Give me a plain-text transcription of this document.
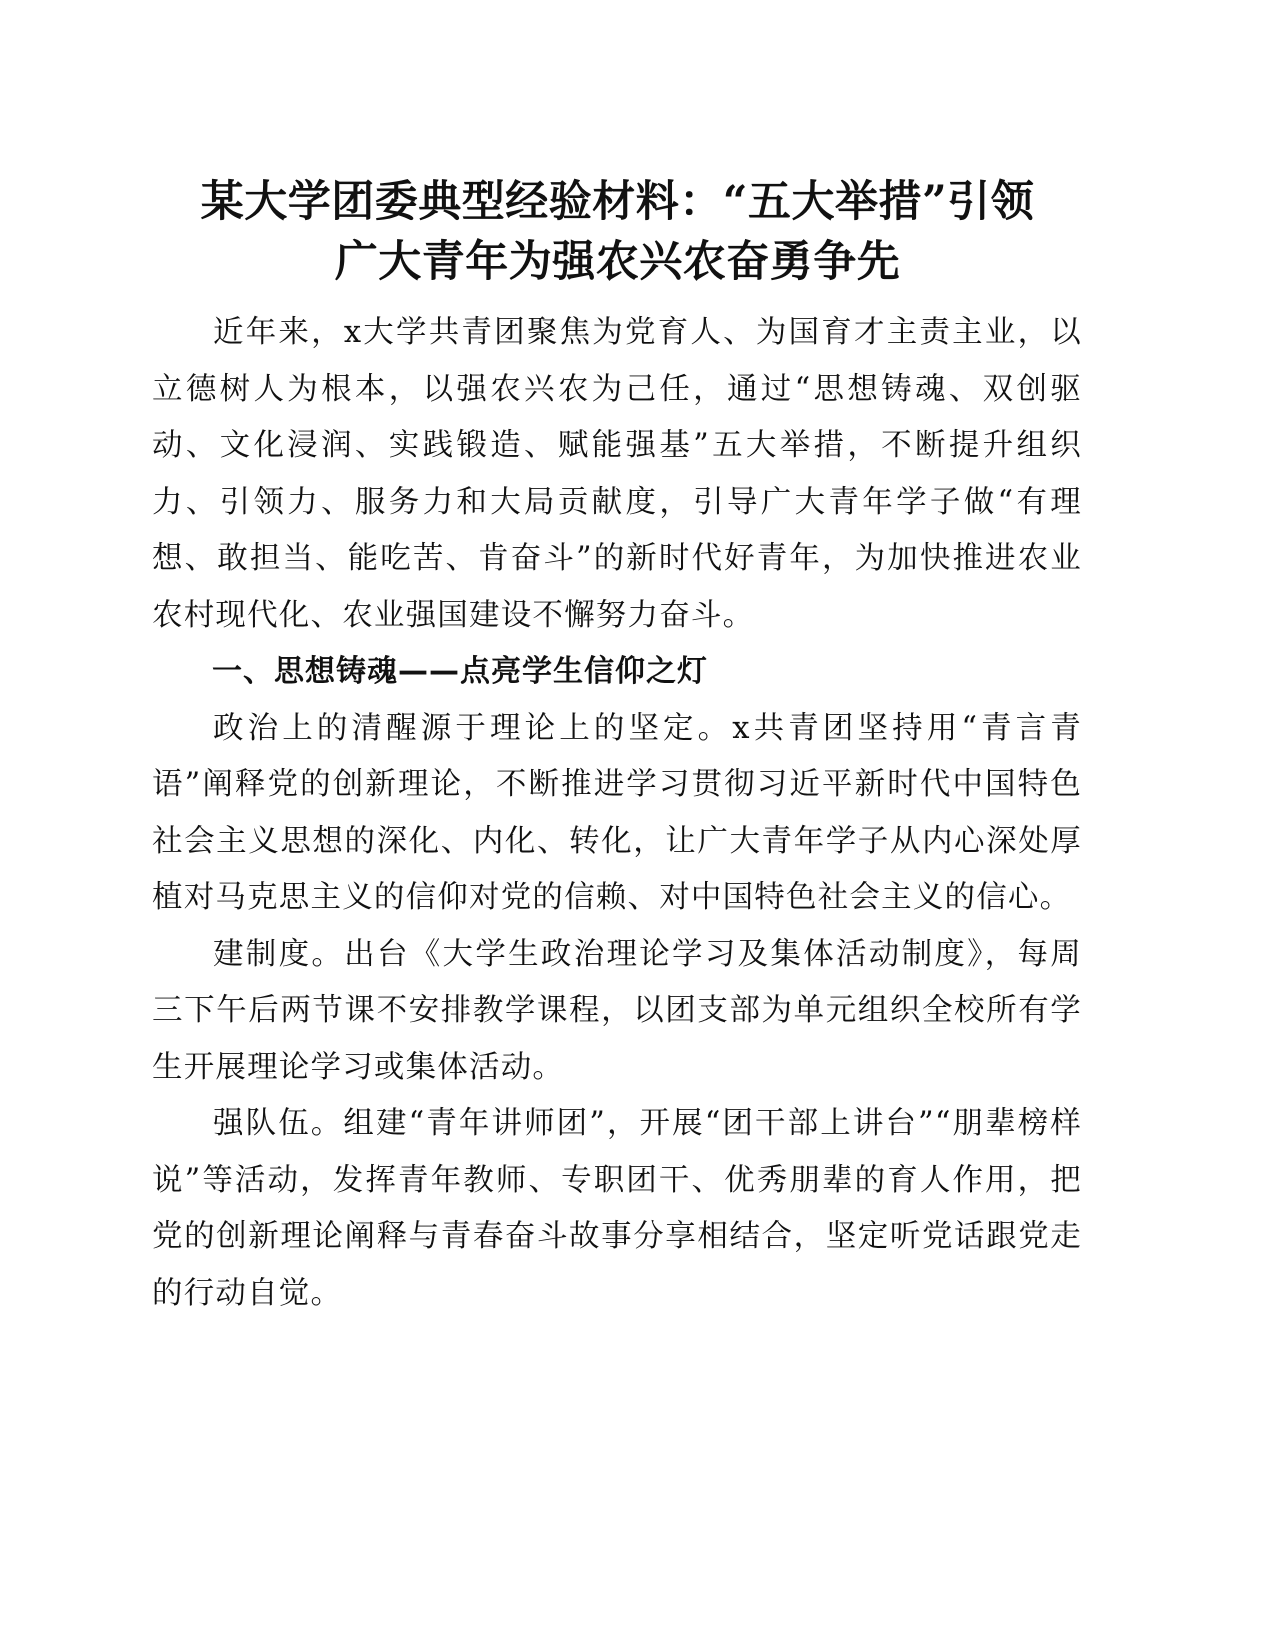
某大学团委典型经验材料：“五大举措”引领
广大青年为强农兴农奋勇争先

近年来，x大学共青团聚焦为党育人、为国育才主责主业，以立德树人为根本，以强农兴农为己任，通过“思想铸魂、双创驱动、文化浸润、实践锻造、赋能强基”五大举措，不断提升组织力、引领力、服务力和大局贡献度，引导广大青年学子做“有理想、敢担当、能吃苦、肯奋斗”的新时代好青年，为加快推进农业农村现代化、农业强国建设不懈努力奋斗。

一、思想铸魂——点亮学生信仰之灯

政治上的清醒源于理论上的坚定。x共青团坚持用“青言青语”阐释党的创新理论，不断推进学习贯彻习近平新时代中国特色社会主义思想的深化、内化、转化，让广大青年学子从内心深处厚植对马克思主义的信仰对党的信赖、对中国特色社会主义的信心。

建制度。出台《大学生政治理论学习及集体活动制度》，每周三下午后两节课不安排教学课程，以团支部为单元组织全校所有学生开展理论学习或集体活动。

强队伍。组建“青年讲师团”，开展“团干部上讲台”“朋辈榜样说”等活动，发挥青年教师、专职团干、优秀朋辈的育人作用，把党的创新理论阐释与青春奋斗故事分享相结合，坚定听党话跟党走的行动自觉。
